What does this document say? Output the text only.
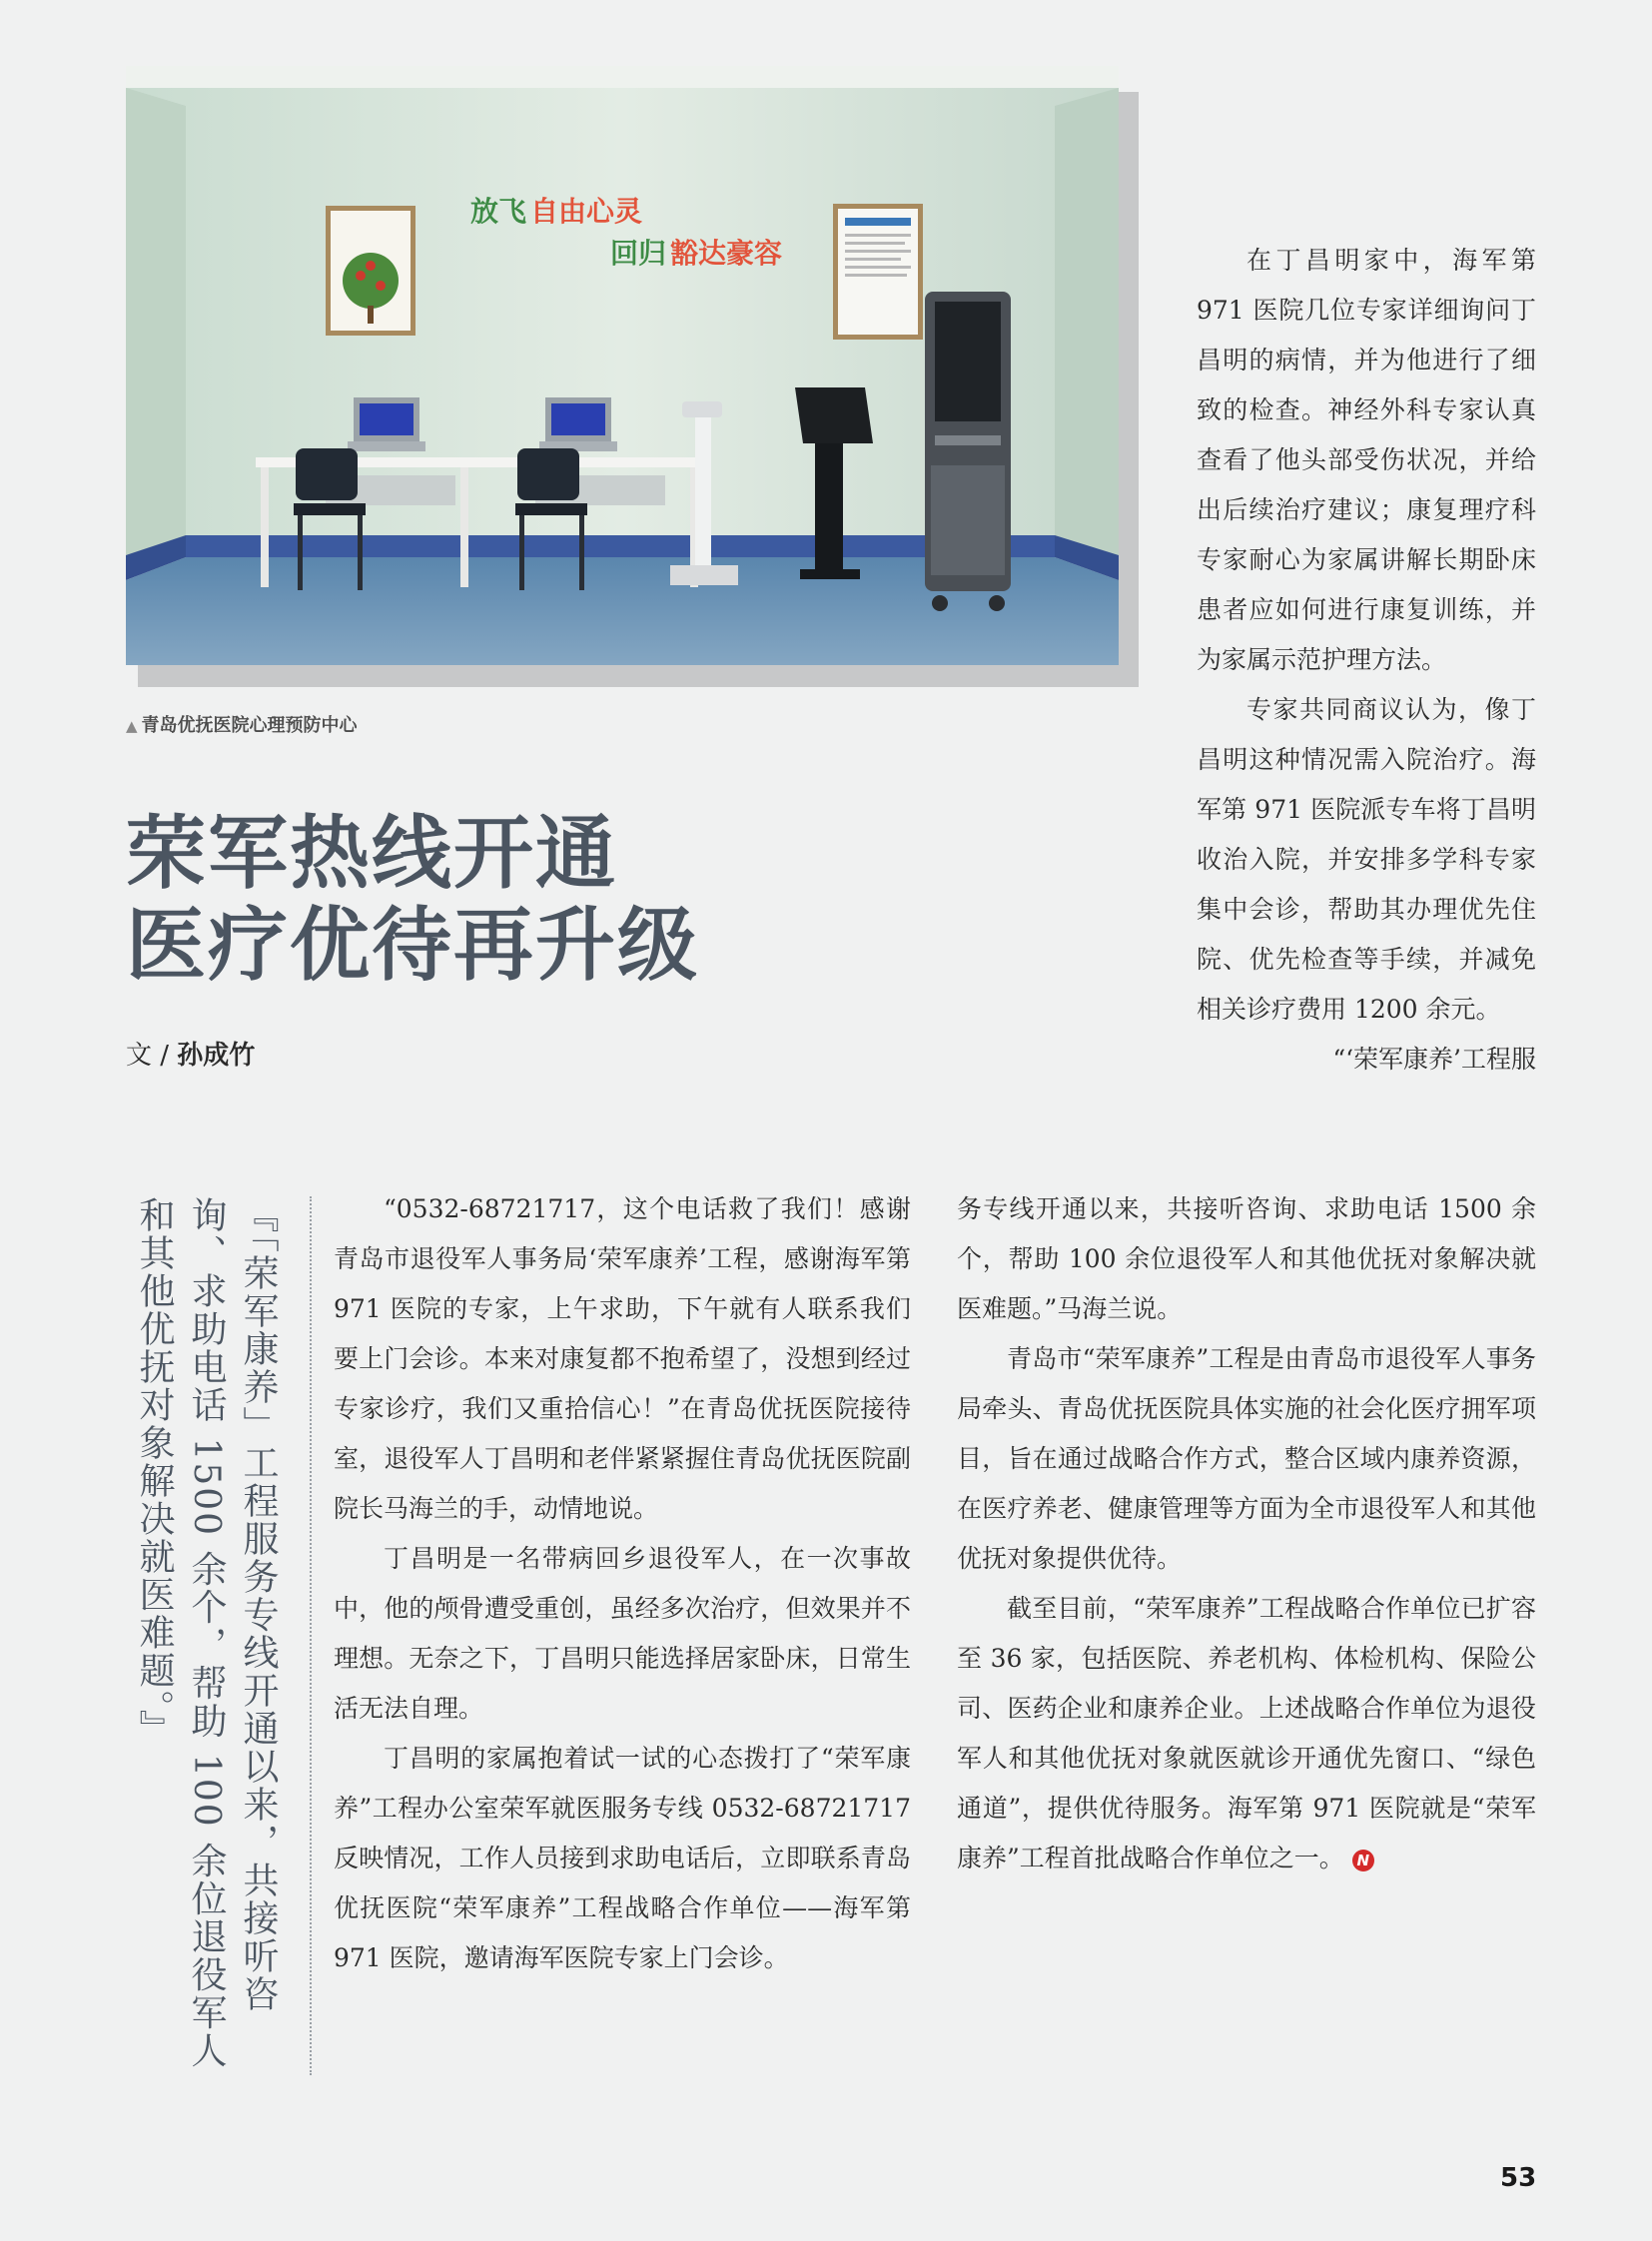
放飞 自由心灵
回归 豁达豪容
▲ 青岛优抚医院心理预防中心
荣军热线开通
医疗优待再升级
文 / 孙成竹

在丁昌明家中，海军第 971 医院几位专家详细询问丁昌明的病情，并为他进行了细致的检查。神经外科专家认真查看了他头部受伤状况，并给出后续治疗建议；康复理疗科专家耐心为家属讲解长期卧床患者应如何进行康复训练，并为家属示范护理方法。

专家共同商议认为，像丁昌明这种情况需入院治疗。海军第 971 医院派专车将丁昌明收治入院，并安排多学科专家集中会诊，帮助其办理优先住院、优先检查等手续，并减免相关诊疗费用 1200 余元。

“‘荣军康养’工程服

『「荣军康养」工程服务专线开通以来，共接听咨询、求助电话 1500 余个，帮助 100 余位退役军人和其他优抚对象解决就医难题。』	“0532-68721717，这个电话救了我们！感谢青岛市退役军人事务局‘荣军康养’工程，感谢海军第 971 医院的专家，上午求助，下午就有人联系我们要上门会诊。本来对康复都不抱希望了，没想到经过专家诊疗，我们又重拾信心！”在青岛优抚医院接待室，退役军人丁昌明和老伴紧紧握住青岛优抚医院副院长马海兰的手，动情地说。

丁昌明是一名带病回乡退役军人，在一次事故中，他的颅骨遭受重创，虽经多次治疗，但效果并不理想。无奈之下，丁昌明只能选择居家卧床，日常生活无法自理。

丁昌明的家属抱着试一试的心态拨打了“荣军康养”工程办公室荣军就医服务专线 0532-68721717 反映情况，工作人员接到求助电话后，立即联系青岛优抚医院“荣军康养”工程战略合作单位——海军第 971 医院，邀请海军医院专家上门会诊。

务专线开通以来，共接听咨询、求助电话 1500 余个，帮助 100 余位退役军人和其他优抚对象解决就医难题。”马海兰说。

青岛市“荣军康养”工程是由青岛市退役军人事务局牵头、青岛优抚医院具体实施的社会化医疗拥军项目，旨在通过战略合作方式，整合区域内康养资源，在医疗养老、健康管理等方面为全市退役军人和其他优抚对象提供优待。

截至目前，“荣军康养”工程战略合作单位已扩容至 36 家，包括医院、养老机构、体检机构、保险公司、医药企业和康养企业。上述战略合作单位为退役军人和其他优抚对象就医就诊开通优先窗口、“绿色通道”，提供优待服务。海军第 971 医院就是“荣军康养”工程首批战略合作单位之一。 N

53
